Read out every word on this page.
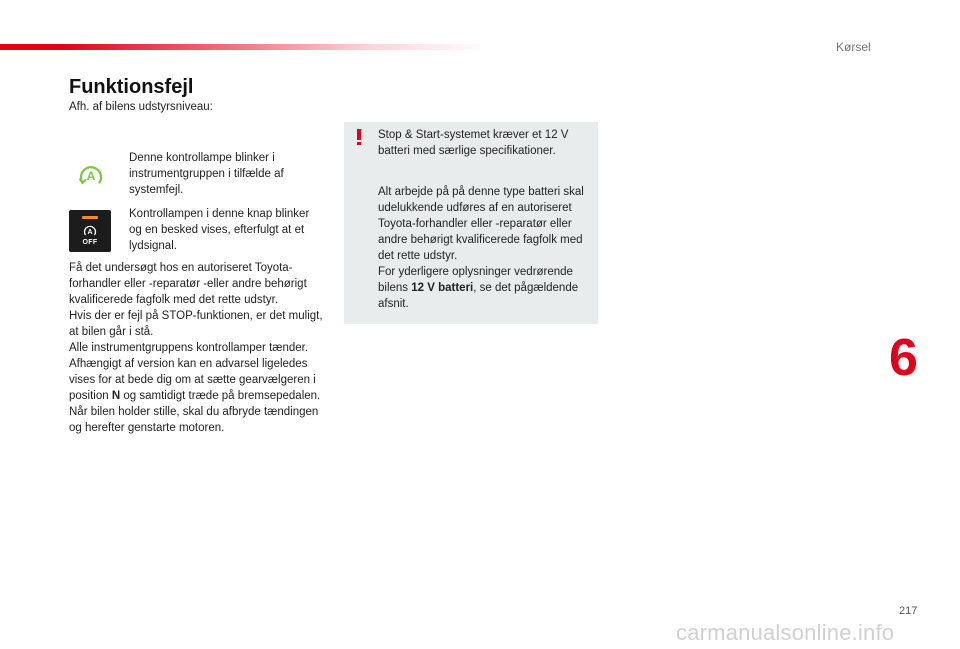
Kørsel
Funktionsfejl
Afh. af bilens udstyrsniveau:
A
Denne kontrollampe blinker i instrumentgruppen i tilfælde af systemfejl.
A
OFF
Kontrollampen i denne knap blinker og en besked vises, efterfulgt at et lydsignal.
Få det undersøgt hos en autoriseret Toyota-forhandler eller -reparatør -eller andre behørigt kvalificerede fagfolk med det rette udstyr.
Hvis der er fejl på STOP-funktionen, er det muligt, at bilen går i stå.
Alle instrumentgruppens kontrollamper tænder.
Afhængigt af version kan en advarsel ligeledes vises for at bede dig om at sætte gearvælgeren i position N og samtidigt træde på bremsepedalen.
Når bilen holder stille, skal du afbryde tændingen og herefter genstarte motoren.
Stop & Start-systemet kræver et 12 V batteri med særlige specifikationer.
Alt arbejde på på denne type batteri skal udelukkende udføres af en autoriseret Toyota-forhandler eller -reparatør eller andre behørigt kvalificerede fagfolk med det rette udstyr.
For yderligere oplysninger vedrørende bilens 12 V batteri, se det pågældende afsnit.
6
217
carmanualsonline.info
